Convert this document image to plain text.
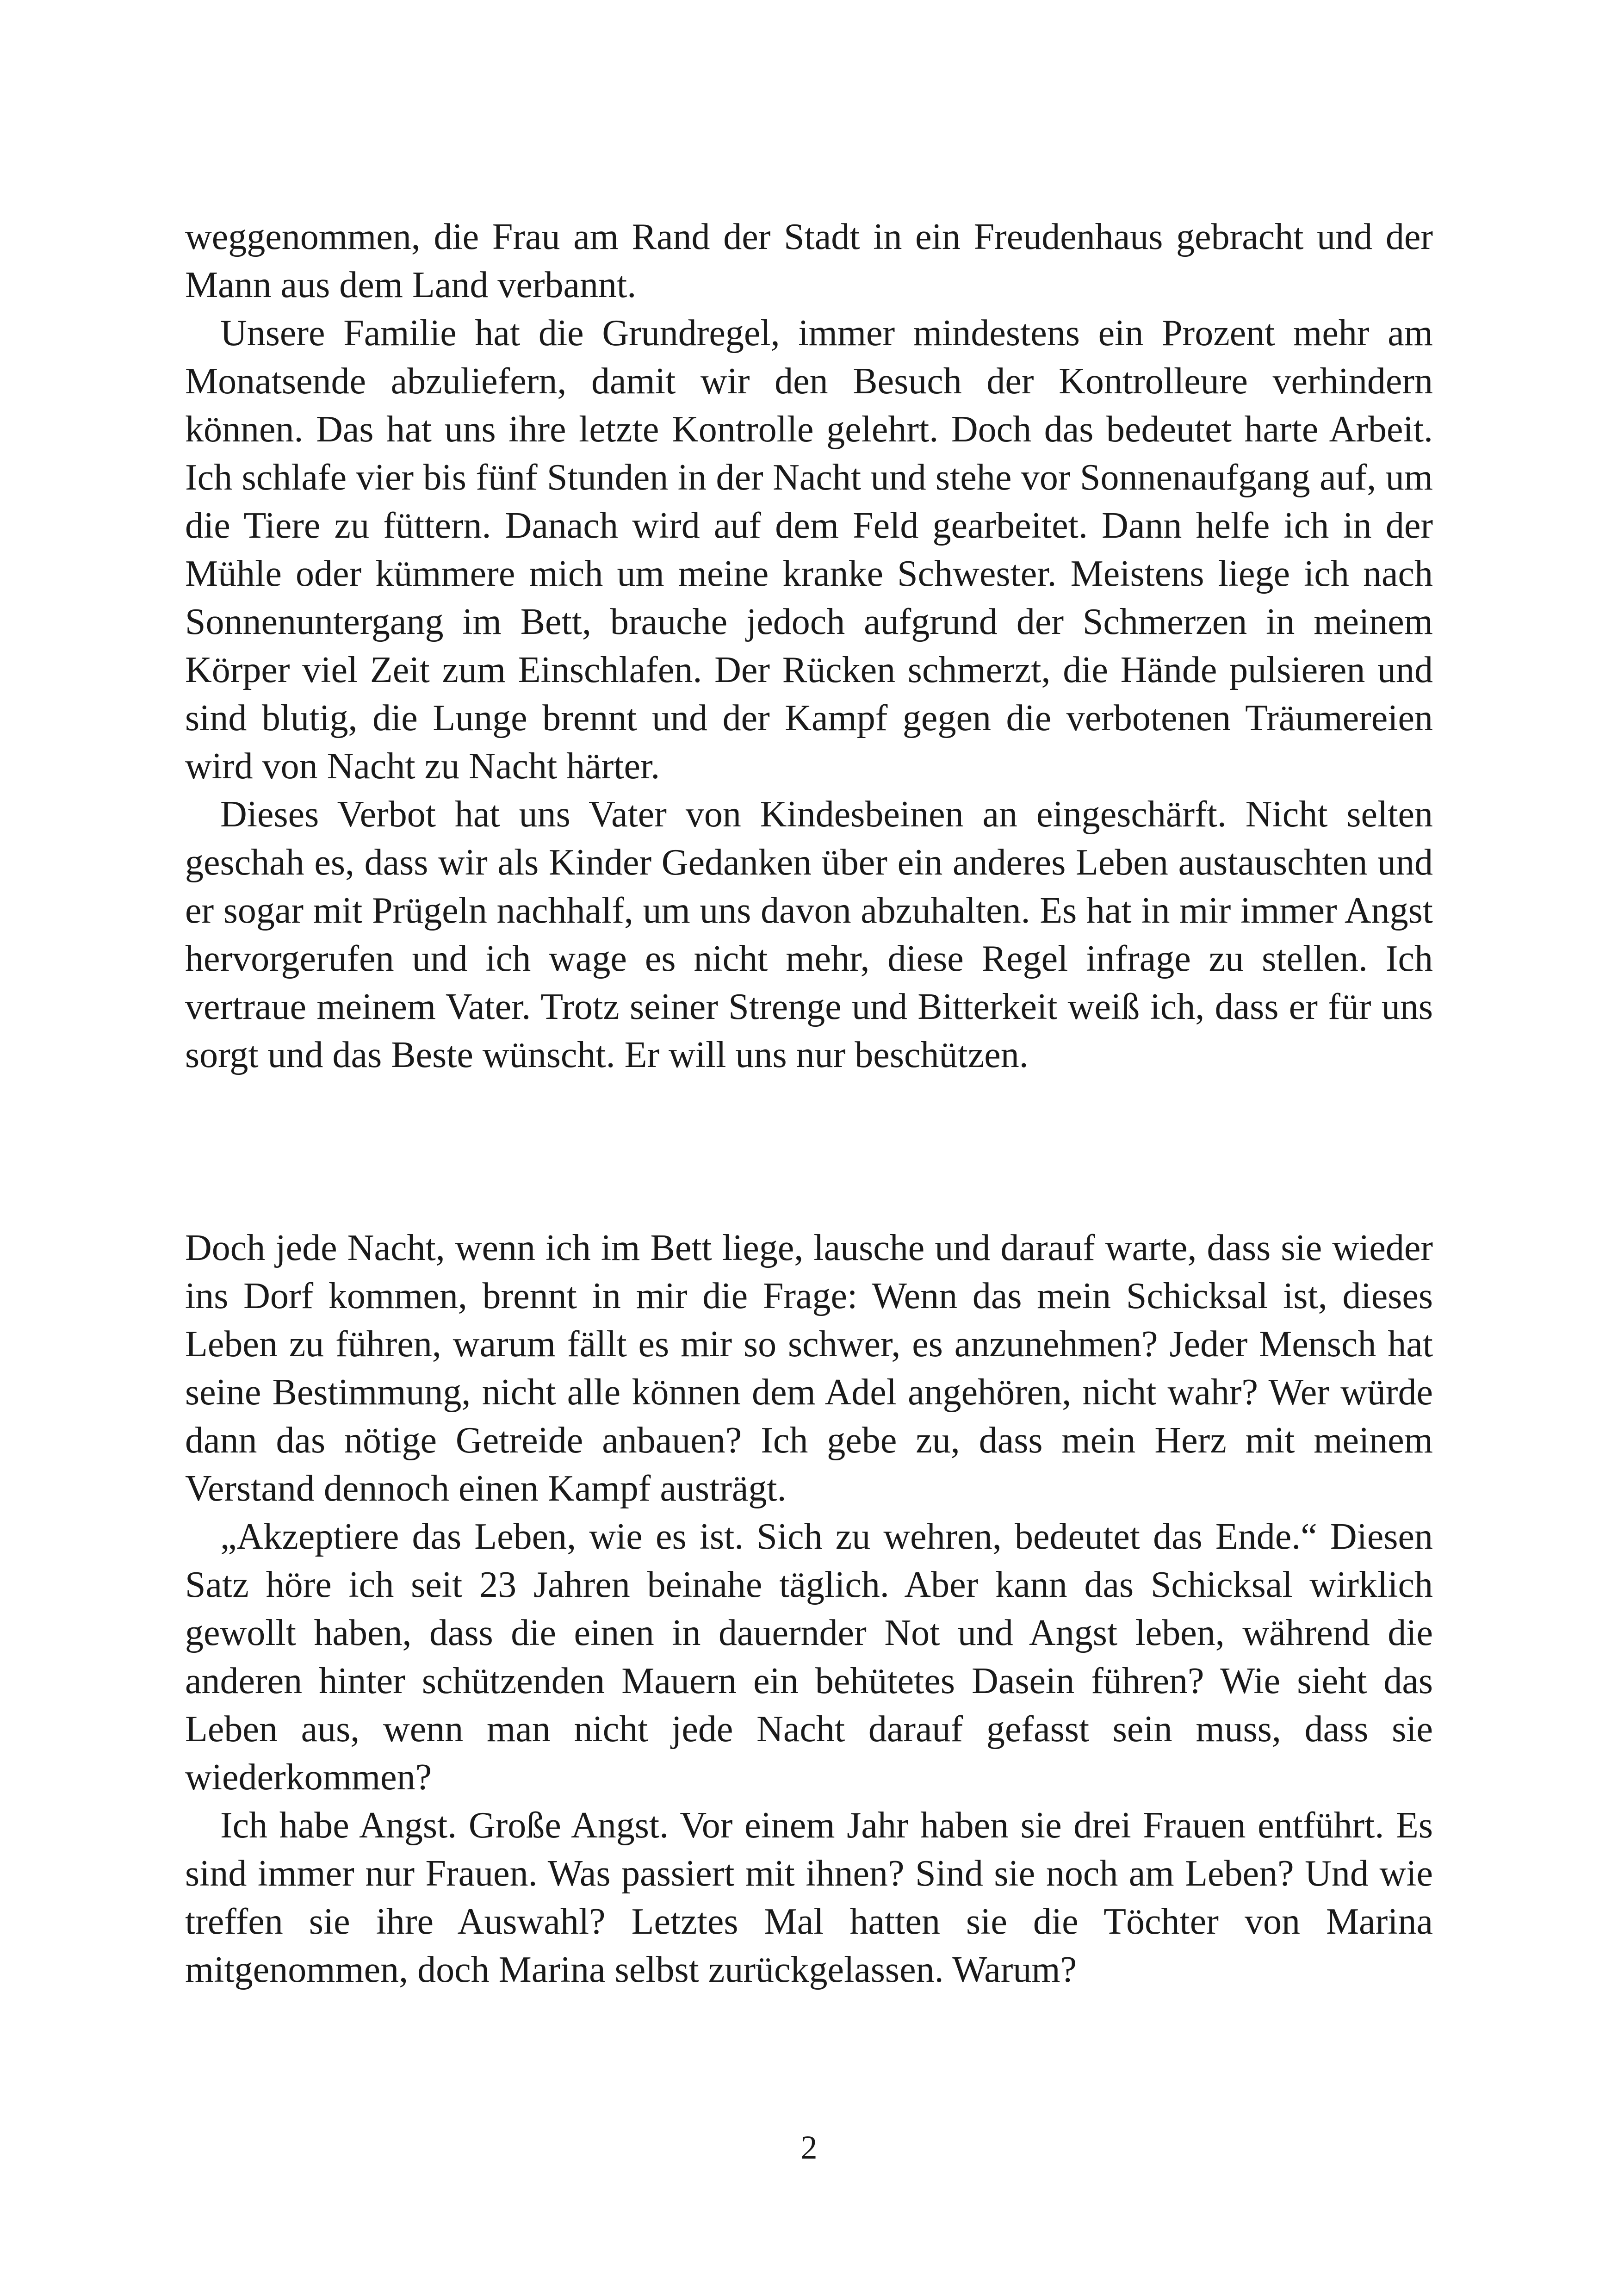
weggenommen, die Frau am Rand der Stadt in ein Freudenhaus gebracht und der Mann aus dem Land verbannt.

Unsere Familie hat die Grundregel, immer mindestens ein Prozent mehr am Monatsende abzuliefern, damit wir den Besuch der Kontrolleure verhindern können. Das hat uns ihre letzte Kontrolle gelehrt. Doch das bedeutet harte Arbeit. Ich schlafe vier bis fünf Stunden in der Nacht und stehe vor Sonnenaufgang auf, um die Tiere zu füttern. Danach wird auf dem Feld gearbeitet. Dann helfe ich in der Mühle oder kümmere mich um meine kranke Schwester. Meistens liege ich nach Sonnenuntergang im Bett, brauche jedoch aufgrund der Schmerzen in meinem Körper viel Zeit zum Einschlafen. Der Rücken schmerzt, die Hände pulsieren und sind blutig, die Lunge brennt und der Kampf gegen die verbotenen Träumereien wird von Nacht zu Nacht härter.

Dieses Verbot hat uns Vater von Kindesbeinen an eingeschärft. Nicht selten geschah es, dass wir als Kinder Gedanken über ein anderes Leben austauschten und er sogar mit Prügeln nachhalf, um uns davon abzuhalten. Es hat in mir immer Angst hervorgerufen und ich wage es nicht mehr, diese Regel infrage zu stellen. Ich vertraue meinem Vater. Trotz seiner Strenge und Bitterkeit weiß ich, dass er für uns sorgt und das Beste wünscht. Er will uns nur beschützen.

Doch jede Nacht, wenn ich im Bett liege, lausche und darauf warte, dass sie wieder ins Dorf kommen, brennt in mir die Frage: Wenn das mein Schicksal ist, dieses Leben zu führen, warum fällt es mir so schwer, es anzunehmen? Jeder Mensch hat seine Bestimmung, nicht alle können dem Adel angehören, nicht wahr? Wer würde dann das nötige Getreide anbauen? Ich gebe zu, dass mein Herz mit meinem Verstand dennoch einen Kampf austrägt.

„Akzeptiere das Leben, wie es ist. Sich zu wehren, bedeutet das Ende.“ Diesen Satz höre ich seit 23 Jahren beinahe täglich. Aber kann das Schicksal wirklich gewollt haben, dass die einen in dauernder Not und Angst leben, während die anderen hinter schützenden Mauern ein behütetes Dasein führen? Wie sieht das Leben aus, wenn man nicht jede Nacht darauf gefasst sein muss, dass sie wiederkommen?

Ich habe Angst. Große Angst. Vor einem Jahr haben sie drei Frauen entführt. Es sind immer nur Frauen. Was passiert mit ihnen? Sind sie noch am Leben? Und wie treffen sie ihre Auswahl? Letztes Mal hatten sie die Töchter von Marina mitgenommen, doch Marina selbst zurückgelassen. Warum?

2
